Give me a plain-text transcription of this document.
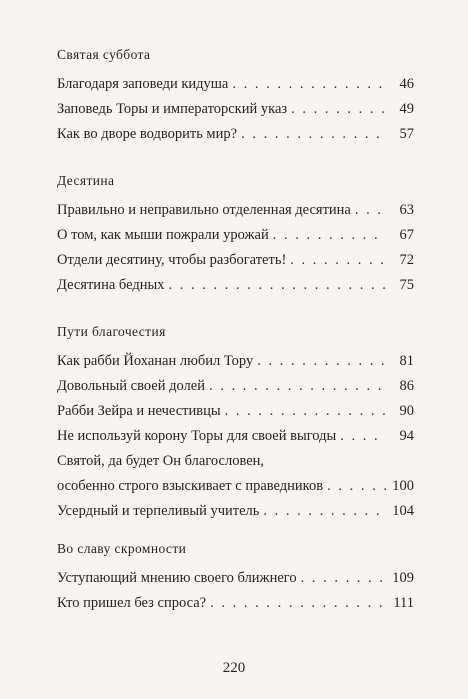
Святая суббота
Благодаря заповеди кидуша . . .	46
Заповедь Торы и императорский указ . . .	49
Как во дворе водворить мир? . . .	57
Десятина
Правильно и неправильно отделенная десятина . . .	63
О том, как мыши пожрали урожай . . .	67
Отдели десятину, чтобы разбогатеть! . . .	72
Десятина бедных . . .	75
Пути благочестия
Как рабби Йоханан любил Тору . . .	81
Довольный своей долей . . .	86
Рабби Зейра и нечестивцы . . .	90
Не используй корону Торы для своей выгоды . . .	94
Святой, да будет Он благословен,
особенно строго взыскивает с праведников . . .	100
Усердный и терпеливый учитель . . .	104
Во славу скромности
Уступающий мнению своего ближнего . . .	109
Кто пришел без спроса? . . .	111
220
